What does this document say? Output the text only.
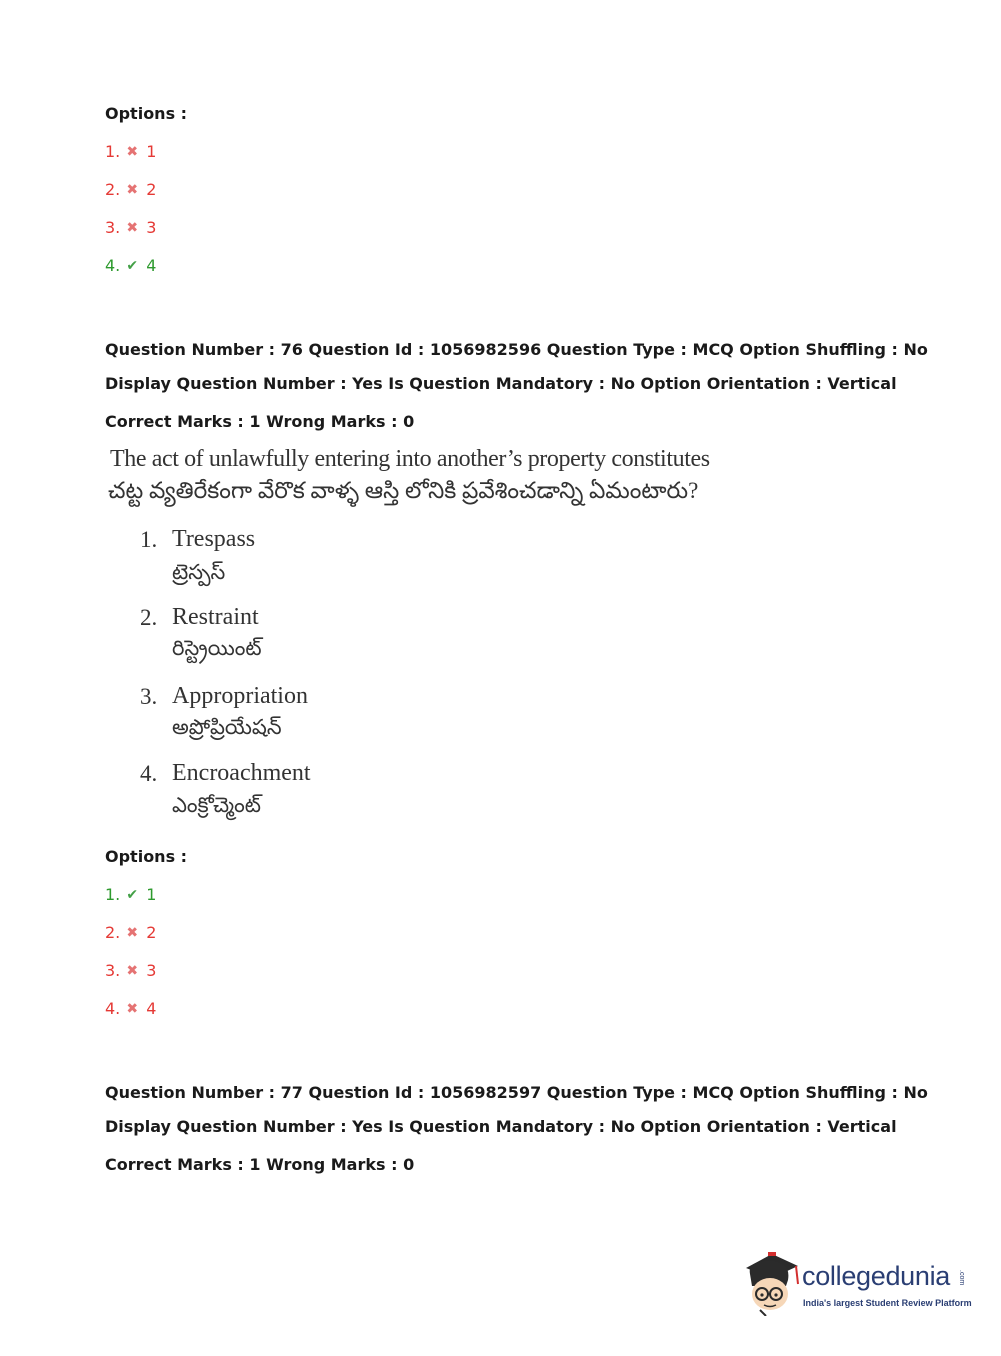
Options :
1. ✖ 1
2. ✖ 2
3. ✖ 3
4. ✔ 4
Question Number : 76 Question Id : 1056982596 Question Type : MCQ Option Shuffling : No
Display Question Number : Yes Is Question Mandatory : No Option Orientation : Vertical
Correct Marks : 1 Wrong Marks : 0
The act of unlawfully entering into another’s property constitutes
చట్ట వ్యతిరేకంగా వేరొక వాళ్ళ ఆస్తి లోనికి ప్రవేశించడాన్ని ఏమంటారు?
1. Trespass
ట్రెస్పస్
2. Restraint
రిస్ట్రెయింట్
3. Appropriation
అప్రోప్రియేషన్
4. Encroachment
ఎంక్రోచ్మెంట్
Options :
1. ✔ 1
2. ✖ 2
3. ✖ 3
4. ✖ 4
Question Number : 77 Question Id : 1056982597 Question Type : MCQ Option Shuffling : No
Display Question Number : Yes Is Question Mandatory : No Option Orientation : Vertical
Correct Marks : 1 Wrong Marks : 0
collegedunia .com
India's largest Student Review Platform
